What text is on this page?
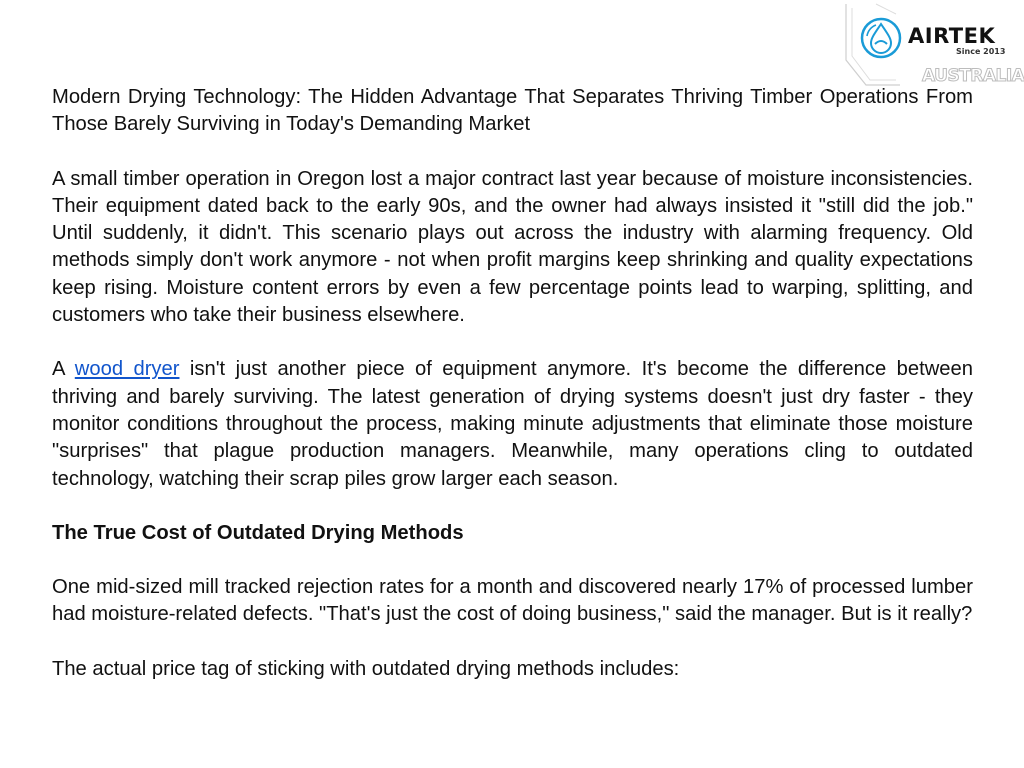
AIRTEK
Since 2013
AUSTRALIA

Modern Drying Technology: The Hidden Advantage That Separates Thriving Timber Operations From Those Barely Surviving in Today's Demanding Market

A small timber operation in Oregon lost a major contract last year because of moisture inconsistencies. Their equipment dated back to the early 90s, and the owner had always insisted it "still did the job." Until suddenly, it didn't. This scenario plays out across the industry with alarming frequency. Old methods simply don't work anymore - not when profit margins keep shrinking and quality expectations keep rising. Moisture content errors by even a few percentage points lead to warping, splitting, and customers who take their business elsewhere.

A wood dryer isn't just another piece of equipment anymore. It's become the difference between thriving and barely surviving. The latest generation of drying systems doesn't just dry faster - they monitor conditions throughout the process, making minute adjustments that eliminate those moisture "surprises" that plague production managers. Meanwhile, many operations cling to outdated technology, watching their scrap piles grow larger each season.

The True Cost of Outdated Drying Methods

One mid-sized mill tracked rejection rates for a month and discovered nearly 17% of processed lumber had moisture-related defects. "That's just the cost of doing business," said the manager. But is it really?

The actual price tag of sticking with outdated drying methods includes:
